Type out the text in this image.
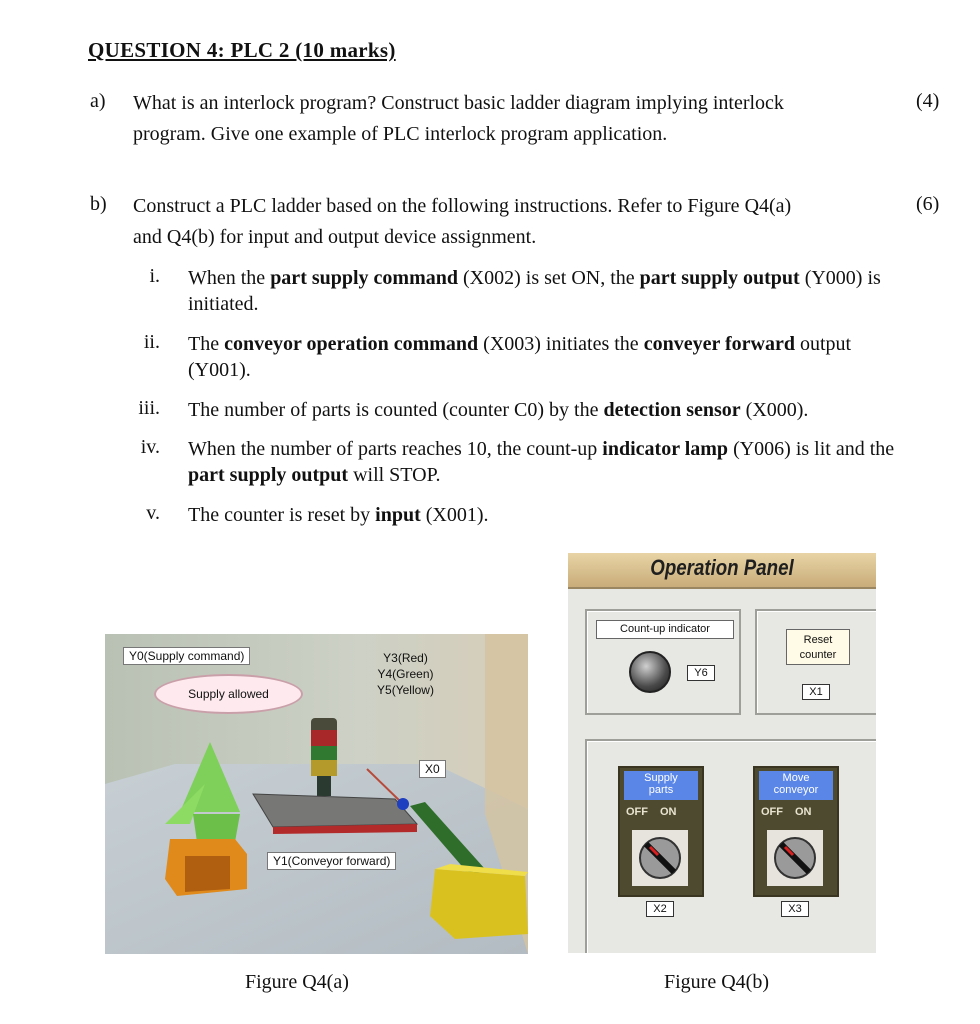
QUESTION 4: PLC 2 (10 marks)
a) What is an interlock program? Construct basic ladder diagram implying interlock
program. Give one example of PLC interlock program application.
(4)
b) Construct a PLC ladder based on the following instructions. Refer to Figure Q4(a)
and Q4(b) for input and output device assignment.
(6)
i. When the part supply command (X002) is set ON, the part supply output (Y000) is initiated.
ii. The conveyor operation command (X003) initiates the conveyer forward output (Y001).
iii. The number of parts is counted (counter C0) by the detection sensor (X000).
iv. When the number of parts reaches 10, the count-up indicator lamp (Y006) is lit and the part supply output will STOP.
v. The counter is reset by input (X001).
Y0(Supply command)
Supply allowed
Y3(Red)
Y4(Green)
Y5(Yellow)
X0
Y1(Conveyor forward)
Figure Q4(a)
Operation Panel
Count-up indicator
Y6
Reset
counter
X1
Supply
parts
OFF ON
X2
Move
conveyor
OFF ON
X3
Figure Q4(b)
